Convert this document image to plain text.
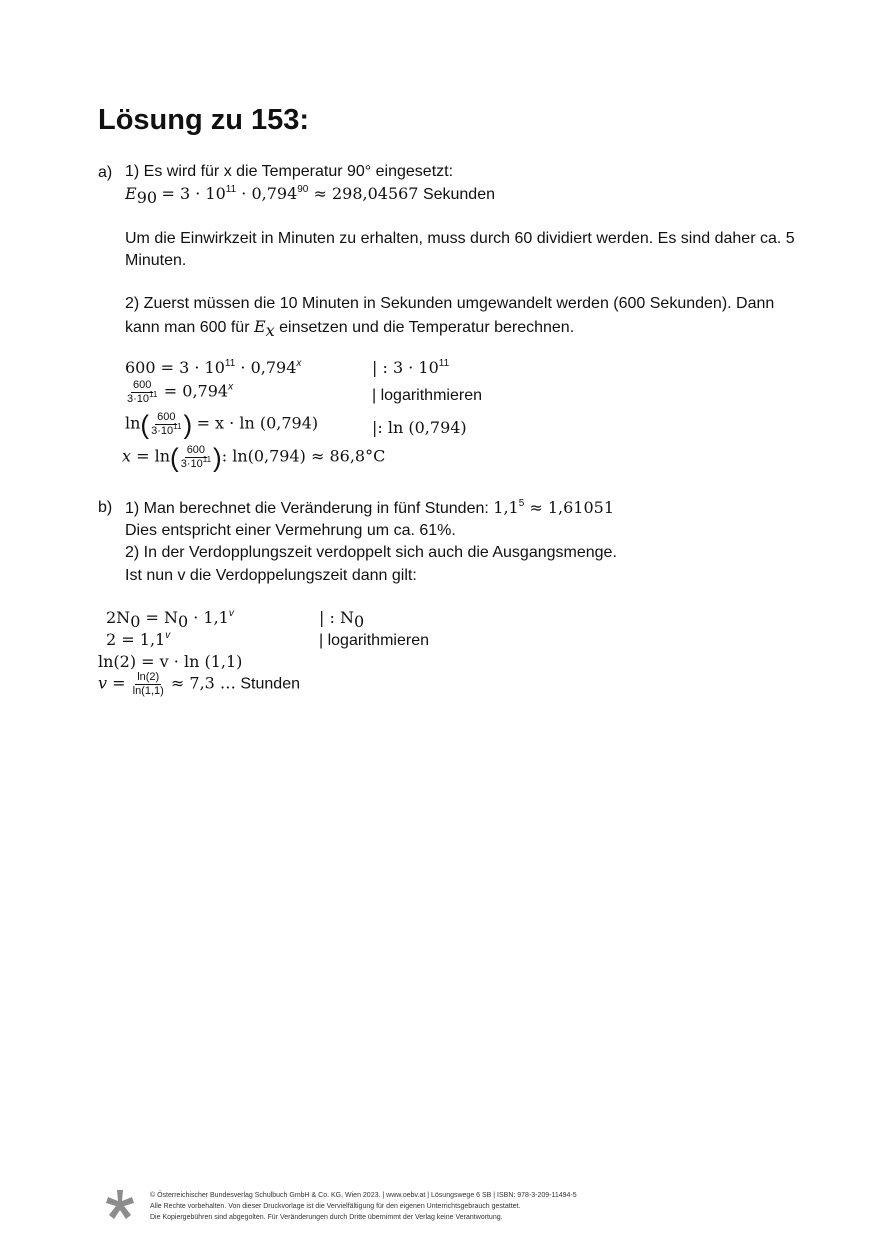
Lösung zu 153:
a) 1) Es wird für x die Temperatur 90° eingesetzt:
$E_{90} = 3 \cdot 10^{11} \cdot 0,794^{90} \approx 298,04567$ Sekunden
Um die Einwirkzeit in Minuten zu erhalten, muss durch 60 dividiert werden. Es sind daher ca. 5
Minuten.
2) Zuerst müssen die 10 Minuten in Sekunden umgewandelt werden (600 Sekunden). Dann
kann man 600 für $E_x$ einsetzen und die Temperatur berechnen.
$600 = 3 \cdot 10^{11} \cdot 0,794^x$	| : $3 \cdot 10^{11}$
$\frac{600}{3\cdot 10^{11}} = 0,794^x$	| logarithmieren
$\ln( \frac{600}{3\cdot 10^{11}}$ ) = x · ln (0,794)	|: ln (0,794)
$x = \ln( \frac{600}{3\cdot 10^{11}}$ ): ln(0,794) ≈ 86,8°C
b) 1) Man berechnet die Veränderung in fünf Stunden: $1,1^5 \approx 1,61051$
Dies entspricht einer Vermehrung um ca. 61%.
2) In der Verdopplungszeit verdoppelt sich auch die Ausgangsmenge.
Ist nun v die Verdoppelungszeit dann gilt:
$2N_0 = N_0 \cdot 1,1^v$	| : $N_0$
$2 = 1,1^v$	| logarithmieren
ln(2) = v · ln (1,1)
$v = \frac{\ln(2)}{\ln(1,1)} \approx 7,3$ … Stunden
© Österreichischer Bundesverlag Schulbuch GmbH & Co. KG, Wien 2023. | www.oebv.at | Lösungswege 6 SB | ISBN: 978-3-209-11494-5
Alle Rechte vorbehalten. Von dieser Druckvorlage ist die Vervielfältigung für den eigenen Unterrichtsgebrauch gestattet.
Die Kopiergebühren sind abgegolten. Für Veränderungen durch Dritte übernimmt der Verlag keine Verantwortung.
